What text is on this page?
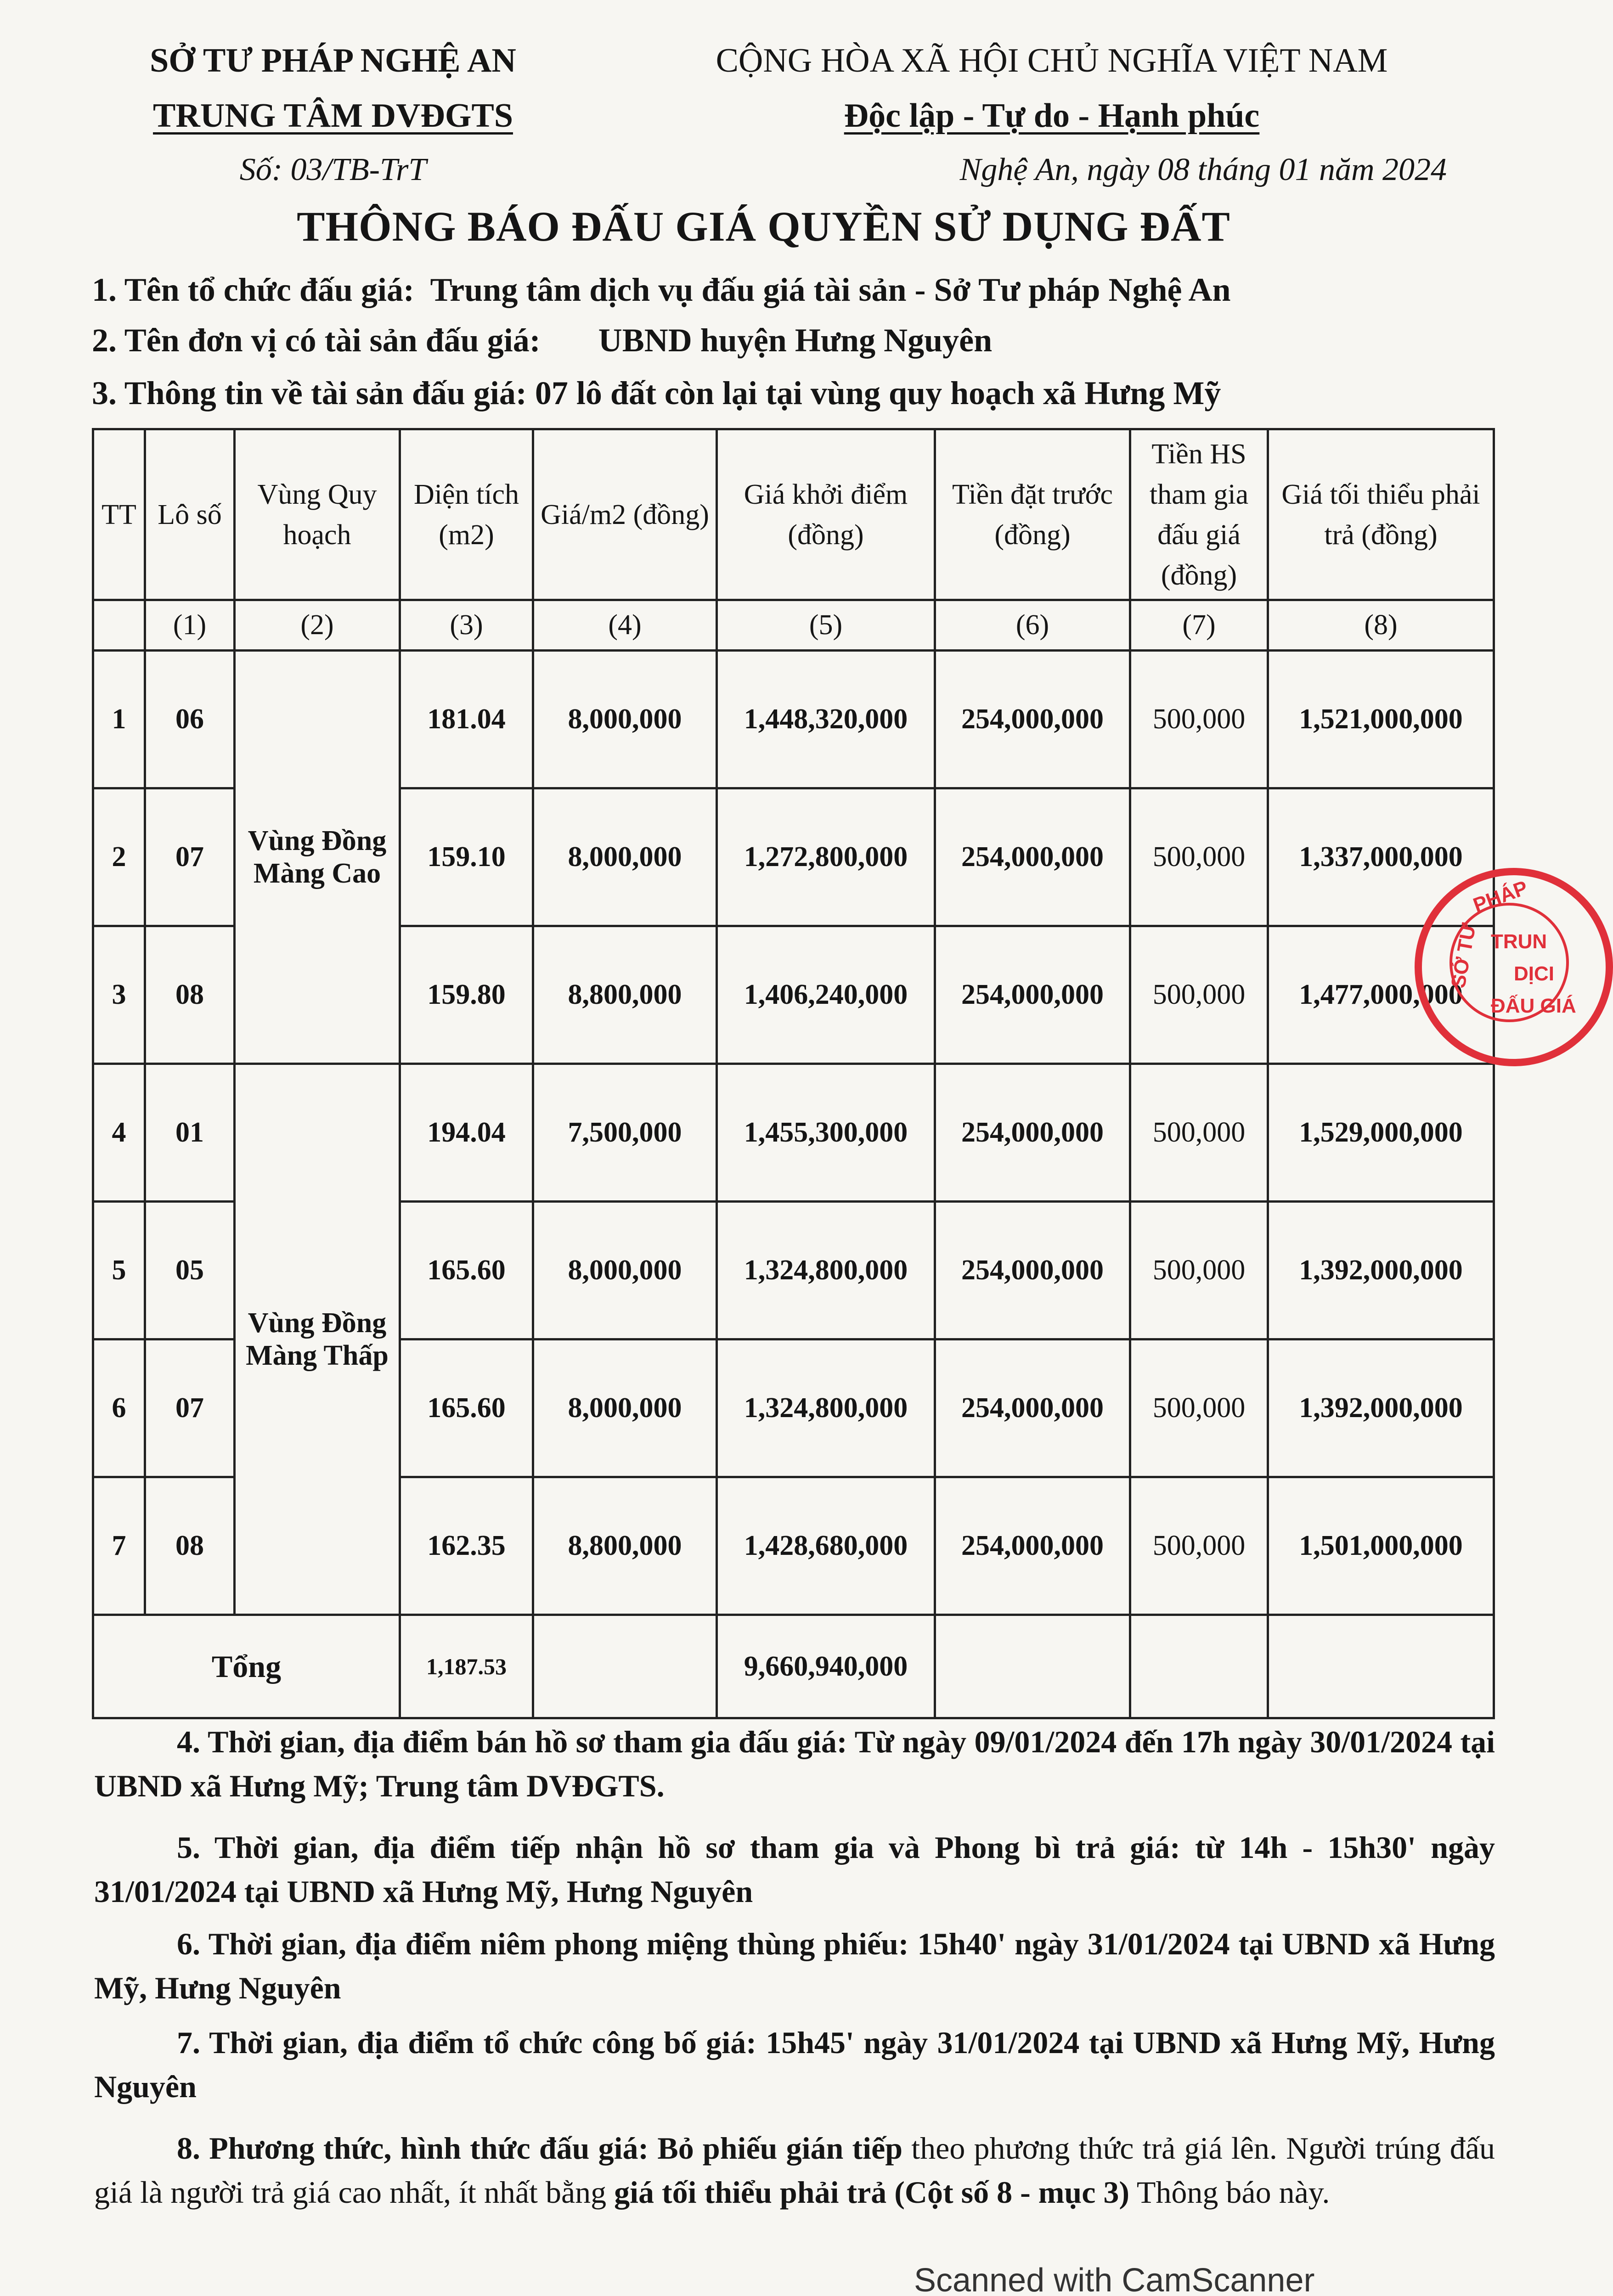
SỞ TƯ PHÁP NGHỆ AN
TRUNG TÂM DVĐGTS
Số: 03/TB-TrT
CỘNG HÒA XÃ HỘI CHỦ NGHĨA VIỆT NAM
Độc lập - Tự do - Hạnh phúc
Nghệ An, ngày 08 tháng 01 năm 2024
THÔNG BÁO ĐẤU GIÁ QUYỀN SỬ DỤNG ĐẤT
1. Tên tổ chức đấu giá:  Trung tâm dịch vụ đấu giá tài sản - Sở Tư pháp Nghệ An
2. Tên đơn vị có tài sản đấu giá:       UBND huyện Hưng Nguyên
3. Thông tin về tài sản đấu giá: 07 lô đất còn lại tại vùng quy hoạch xã Hưng Mỹ
TT	Lô số	Vùng Quy hoạch	Diện tích (m2)	Giá/m2 (đồng)	Giá khởi điểm (đồng)	Tiền đặt trước (đồng)	Tiền HS tham gia đấu giá (đồng)	Giá tối thiểu phải trả (đồng)
	(1)	(2)	(3)	(4)	(5)	(6)	(7)	(8)
1	06	Vùng Đồng Màng Cao	181.04	8,000,000	1,448,320,000	254,000,000	500,000	1,521,000,000
2	07		159.10	8,000,000	1,272,800,000	254,000,000	500,000	1,337,000,000
3	08		159.80	8,800,000	1,406,240,000	254,000,000	500,000	1,477,000,000
4	01	Vùng Đồng Màng Thấp	194.04	7,500,000	1,455,300,000	254,000,000	500,000	1,529,000,000
5	05		165.60	8,000,000	1,324,800,000	254,000,000	500,000	1,392,000,000
6	07		165.60	8,000,000	1,324,800,000	254,000,000	500,000	1,392,000,000
7	08		162.35	8,800,000	1,428,680,000	254,000,000	500,000	1,501,000,000
Tổng			1,187.53		9,660,940,000			
PHÁP
TRUN
DỊCI
ĐẤU GIÁ
SỞ TƯ
4. Thời gian, địa điểm bán hồ sơ tham gia đấu giá: Từ ngày 09/01/2024 đến 17h ngày 30/01/2024 tại UBND xã Hưng Mỹ; Trung tâm DVĐGTS.
5. Thời gian, địa điểm tiếp nhận hồ sơ tham gia và Phong bì trả giá: từ 14h - 15h30' ngày 31/01/2024 tại UBND xã Hưng Mỹ, Hưng Nguyên
6. Thời gian, địa điểm niêm phong miệng thùng phiếu: 15h40' ngày 31/01/2024 tại UBND xã Hưng Mỹ, Hưng Nguyên
7. Thời gian, địa điểm tổ chức công bố giá: 15h45' ngày 31/01/2024 tại UBND xã Hưng Mỹ, Hưng Nguyên
8. Phương thức, hình thức đấu giá: Bỏ phiếu gián tiếp theo phương thức trả giá lên. Người trúng đấu giá là người trả giá cao nhất, ít nhất bằng giá tối thiểu phải trả (Cột số 8 - mục 3) Thông báo này.
Scanned with CamScanner
